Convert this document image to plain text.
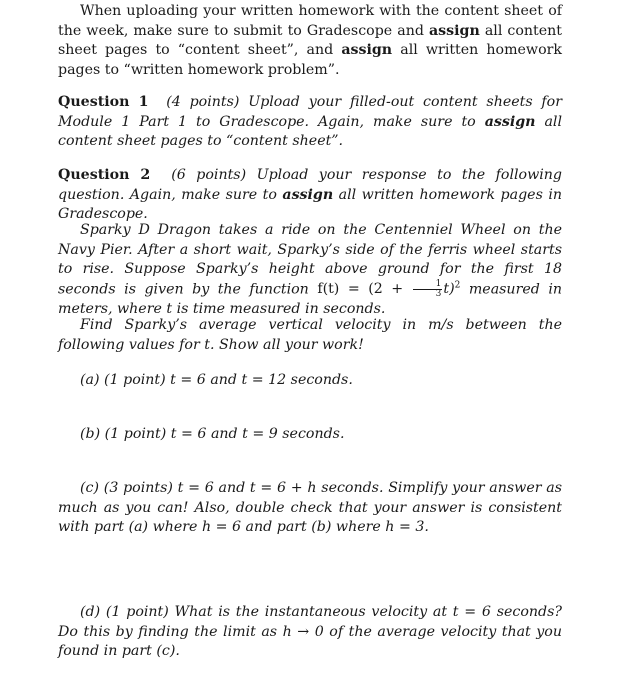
When uploading your written homework with the content sheet of the week, make sure to submit to Gradescope and assign all content sheet pages to “content sheet”, and assign all written homework pages to “written homework problem”.

Question 1 (4 points) Upload your filled-out content sheets for Module 1 Part 1 to Gradescope. Again, make sure to assign all content sheet pages to “content sheet”.

Question 2 (6 points) Upload your response to the following question. Again, make sure to assign all written homework pages in Gradescope.

Sparky D Dragon takes a ride on the Centenniel Wheel on the Navy Pier. After a short wait, Sparky’s side of the ferris wheel starts to rise. Suppose Sparky’s height above ground for the first 18 seconds is given by the function $f(t) = (2 + \frac{1}{3} t)^2$ measured in meters, where t is time measured in seconds.

Find Sparky’s average vertical velocity in m/s between the following values for t. Show all your work!

(a) (1 point) t = 6 and t = 12 seconds.

(b) (1 point) t = 6 and t = 9 seconds.

(c) (3 points) t = 6 and t = 6 + h seconds. Simplify your answer as much as you can! Also, double check that your answer is consistent with part (a) where h = 6 and part (b) where h = 3.

(d) (1 point) What is the instantaneous velocity at t = 6 seconds? Do this by finding the limit as h → 0 of the average velocity that you found in part (c).
